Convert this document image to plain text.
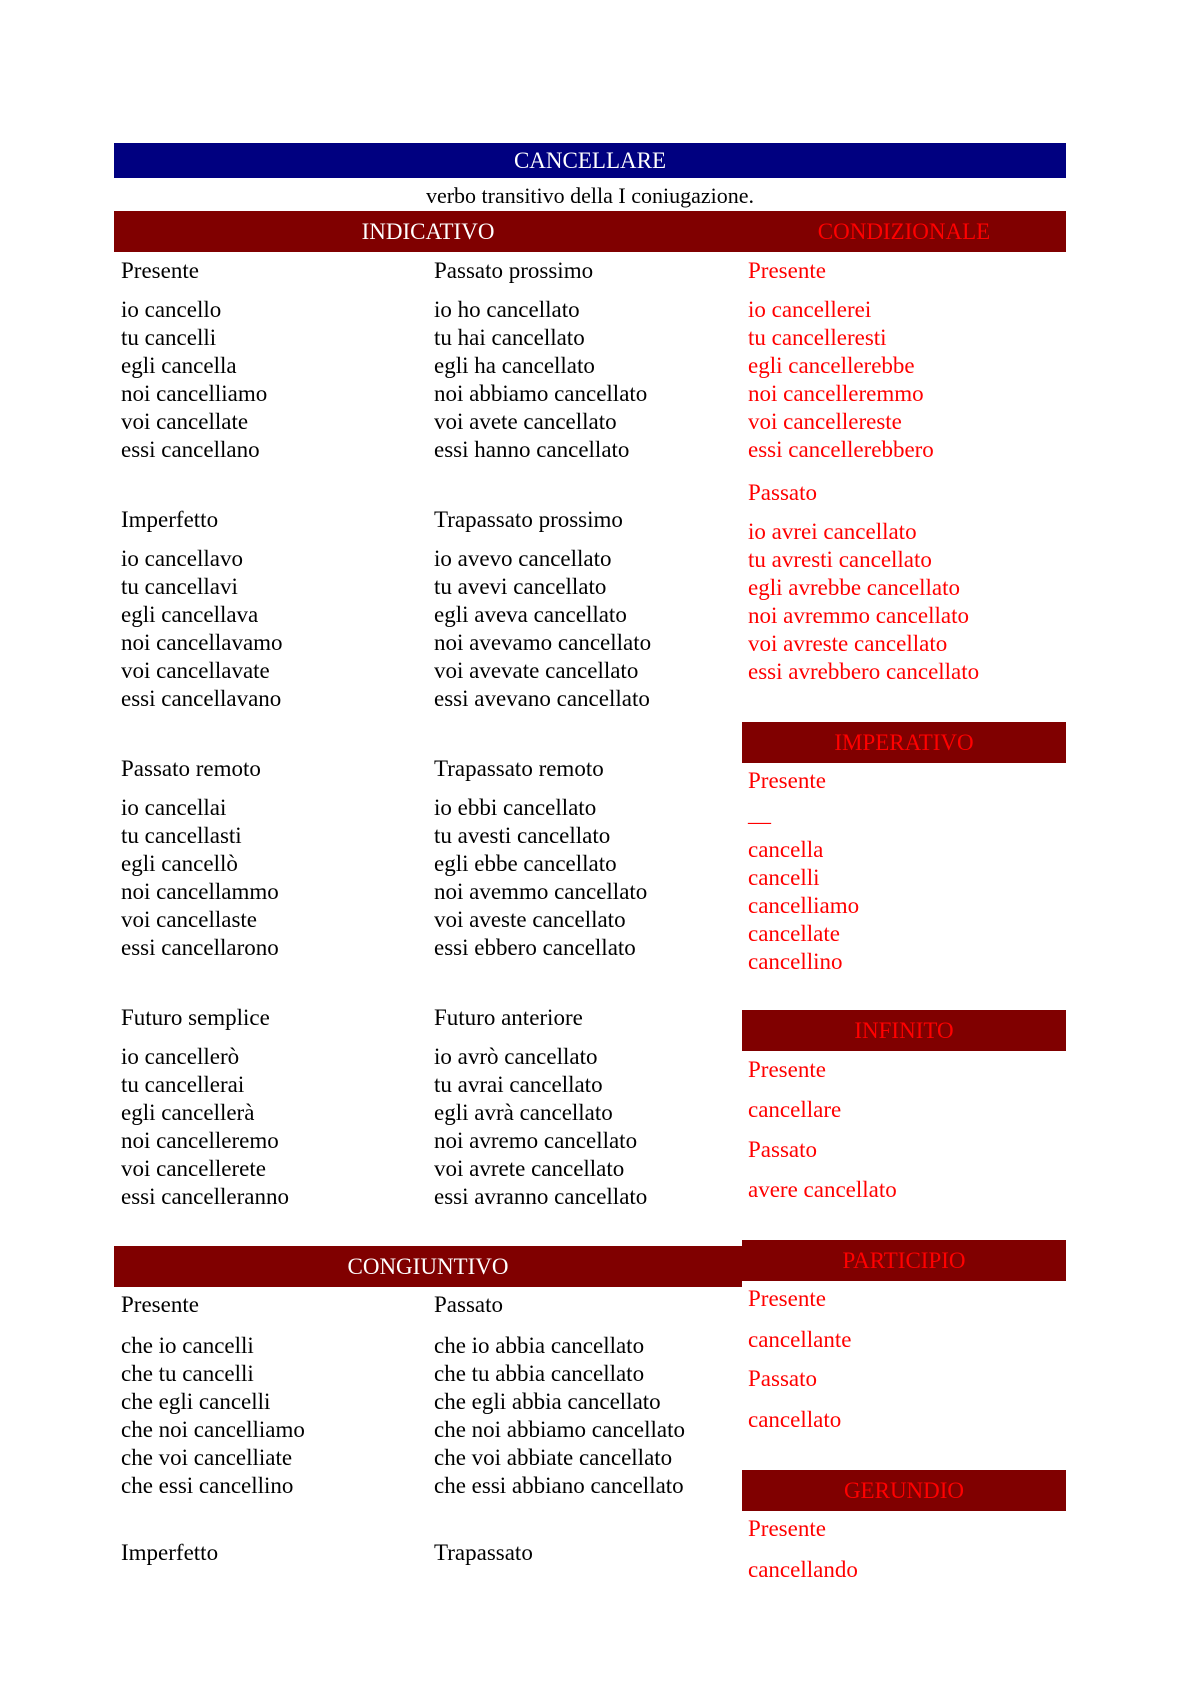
CANCELLARE
verbo transitivo della I coniugazione.
INDICATIVO	CONDIZIONALE
Presente
io cancello
tu cancelli
egli cancella
noi cancelliamo
voi cancellate
essi cancellano
Passato prossimo
io ho cancellato
tu hai cancellato
egli ha cancellato
noi abbiamo cancellato
voi avete cancellato
essi hanno cancellato
Imperfetto
io cancellavo
tu cancellavi
egli cancellava
noi cancellavamo
voi cancellavate
essi cancellavano
Trapassato prossimo
io avevo cancellato
tu avevi cancellato
egli aveva cancellato
noi avevamo cancellato
voi avevate cancellato
essi avevano cancellato
Passato remoto
io cancellai
tu cancellasti
egli cancellò
noi cancellammo
voi cancellaste
essi cancellarono
Trapassato remoto
io ebbi cancellato
tu avesti cancellato
egli ebbe cancellato
noi avemmo cancellato
voi aveste cancellato
essi ebbero cancellato
Futuro semplice
io cancellerò
tu cancellerai
egli cancellerà
noi cancelleremo
voi cancellerete
essi cancelleranno
Futuro anteriore
io avrò cancellato
tu avrai cancellato
egli avrà cancellato
noi avremo cancellato
voi avrete cancellato
essi avranno cancellato
Presente
io cancellerei
tu cancelleresti
egli cancellerebbe
noi cancelleremmo
voi cancellereste
essi cancellerebbero
Passato
io avrei cancellato
tu avresti cancellato
egli avrebbe cancellato
noi avremmo cancellato
voi avreste cancellato
essi avrebbero cancellato
IMPERATIVO
Presente
—
cancella
cancelli
cancelliamo
cancellate
cancellino
INFINITO
Presente
cancellare
Passato
avere cancellato
PARTICIPIO
Presente
cancellante
Passato
cancellato
GERUNDIO
Presente
cancellando
CONGIUNTIVO
Presente
che io cancelli
che tu cancelli
che egli cancelli
che noi cancelliamo
che voi cancelliate
che essi cancellino
Passato
che io abbia cancellato
che tu abbia cancellato
che egli abbia cancellato
che noi abbiamo cancellato
che voi abbiate cancellato
che essi abbiano cancellato
Imperfetto	Trapassato
